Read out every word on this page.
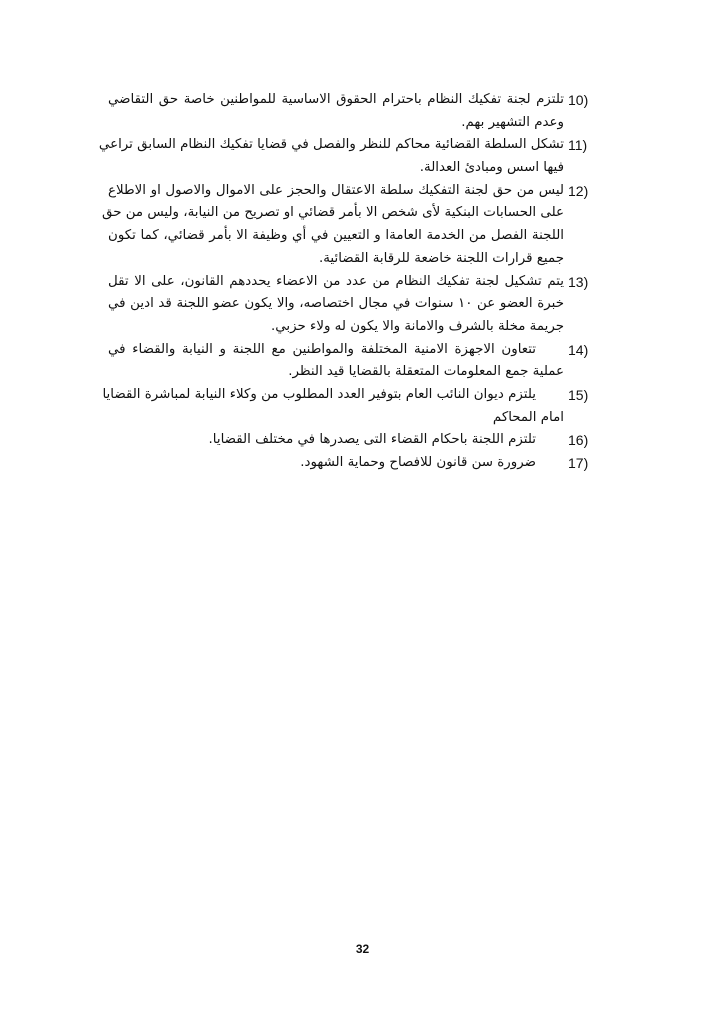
10)
تلتزم لجنة تفكيك النظام باحترام الحقوق الاساسية للمواطنين خاصة حق التقاضي
وعدم التشهير بهم.
11)
تشكل السلطة القضائية محاكم للنظر والفصل في قضايا تفكيك النظام السابق تراعي
فيها اسس ومبادئ العدالة.
12)
ليس من حق لجنة التفكيك سلطة الاعتقال والحجز على الاموال والاصول او الاطلاع
على الحسابات البنكية لأى شخص الا بأمر قضائي او تصريح من النيابة، وليس من حق
اللجنة الفصل من الخدمة العامةا و التعيين في أي وظيفة الا بأمر قضائي، كما تكون
جميع قرارات اللجنة خاضعة للرقابة القضائية.
13)
يتم تشكيل لجنة تفكيك النظام من عدد من الاعضاء يحددهم القانون، على الا تقل
خبرة العضو عن ١٠ سنوات في مجال اختصاصه، والا يكون عضو اللجنة قد ادين في
جريمة مخلة بالشرف والامانة والا يكون له ولاء حزبي.
14)
تتعاون الاجهزة الامنية المختلفة والمواطنين مع اللجنة و النيابة والقضاء في
عملية جمع المعلومات المتعقلة بالقضايا قيد النظر.
15)
يلتزم ديوان النائب العام بتوفير العدد المطلوب من وكلاء النيابة لمباشرة القضايا
امام المحاكم
16)
تلتزم اللجنة باحكام القضاء التى يصدرها في مختلف القضايا.
17)
ضرورة سن قانون للافصاح وحماية الشهود.
32
